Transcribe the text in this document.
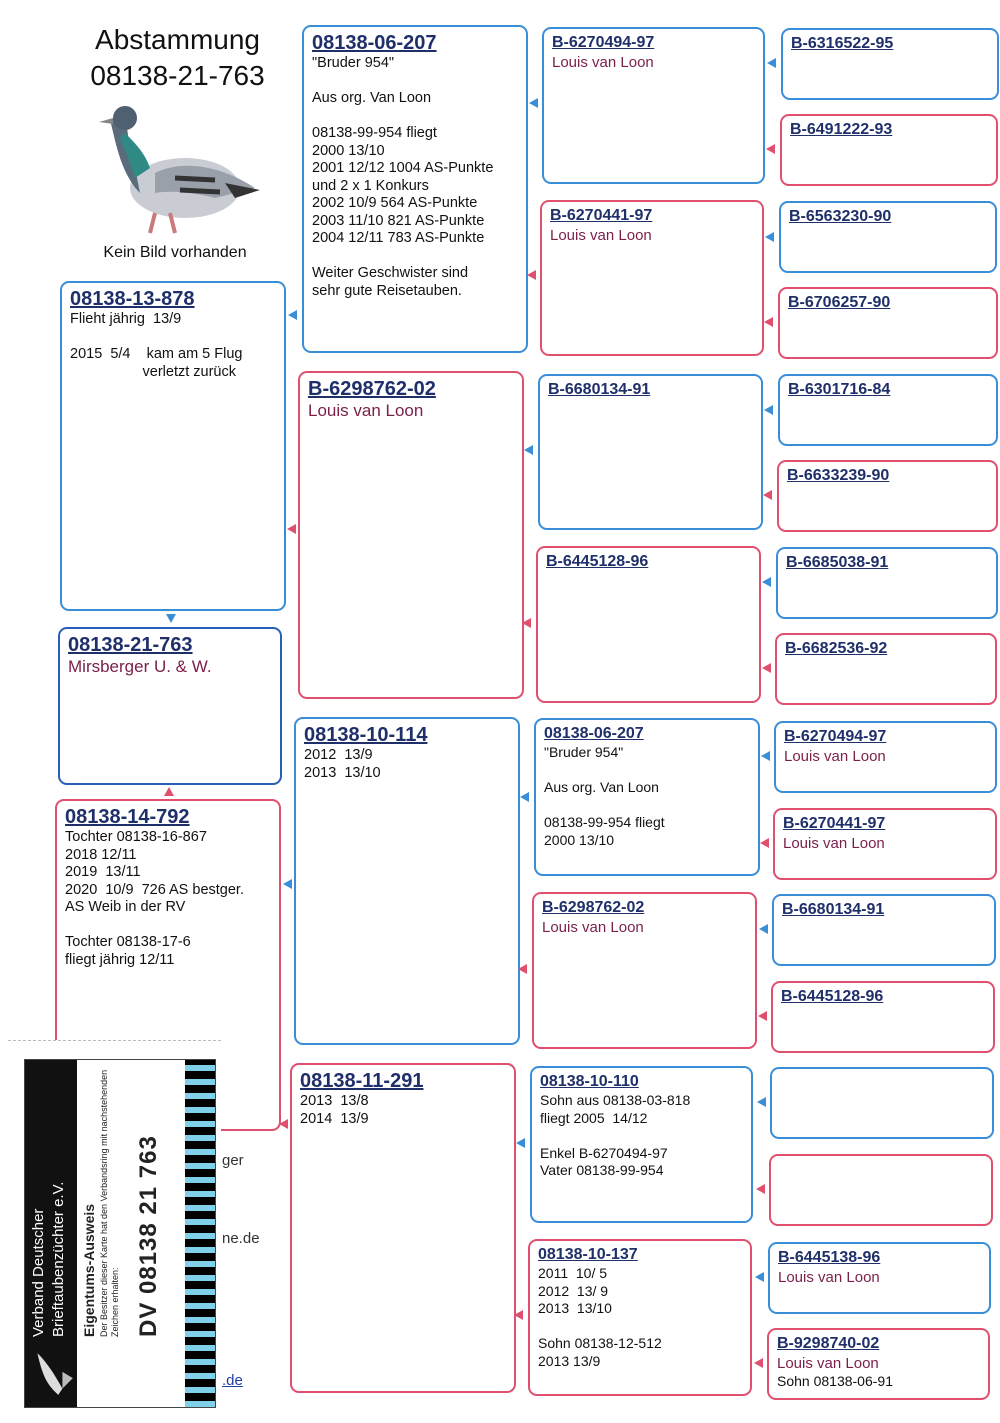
Abstammung
08138-21-763
Kein Bild vorhanden
08138-13-878
Flieht jährig  13/9

2015  5/4    kam am 5 Flug
verletzt zurück
08138-21-763
Mirsberger U. & W.
08138-14-792
Tochter 08138-16-867
2018 12/11
2019  13/11
2020  10/9  726 AS bestger.
AS Weib in der RV

Tochter 08138-17-6
fliegt jährig 12/11
08138-06-207
"Bruder 954"

Aus org. Van Loon

08138-99-954 fliegt
2000 13/10
2001 12/12 1004 AS-Punkte
und 2 x 1 Konkurs
2002 10/9 564 AS-Punkte
2003 11/10 821 AS-Punkte
2004 12/11 783 AS-Punkte

Weiter Geschwister sind
sehr gute Reisetauben.
B-6298762-02
Louis van Loon
08138-10-114
2012  13/9
2013  13/10
08138-11-291
2013  13/8
2014  13/9
B-6270494-97
Louis van Loon
B-6270441-97
Louis van Loon
B-6680134-91
B-6445128-96
08138-06-207
"Bruder 954"

Aus org. Van Loon

08138-99-954 fliegt
2000 13/10
B-6298762-02
Louis van Loon
08138-10-110
Sohn aus 08138-03-818
fliegt 2005  14/12

Enkel B-6270494-97
Vater 08138-99-954
08138-10-137
2011  10/ 5
2012  13/ 9
2013  13/10

Sohn 08138-12-512
2013 13/9
B-6316522-95
B-6491222-93
B-6563230-90
B-6706257-90
B-6301716-84
B-6633239-90
B-6685038-91
B-6682536-92
B-6270494-97
Louis van Loon
B-6270441-97
Louis van Loon
B-6680134-91
B-6445128-96
B-6445138-96
Louis van Loon
B-9298740-02
Louis van Loon
Sohn 08138-06-91
ger
ne.de
.de
Verband Deutscher Brieftaubenzüchter e.V. Eigentums-Ausweis Der Besitzer dieser Karte hat den Verbandsring mit nachstehenden Zeichen erhalten: DV 08138 21 763
